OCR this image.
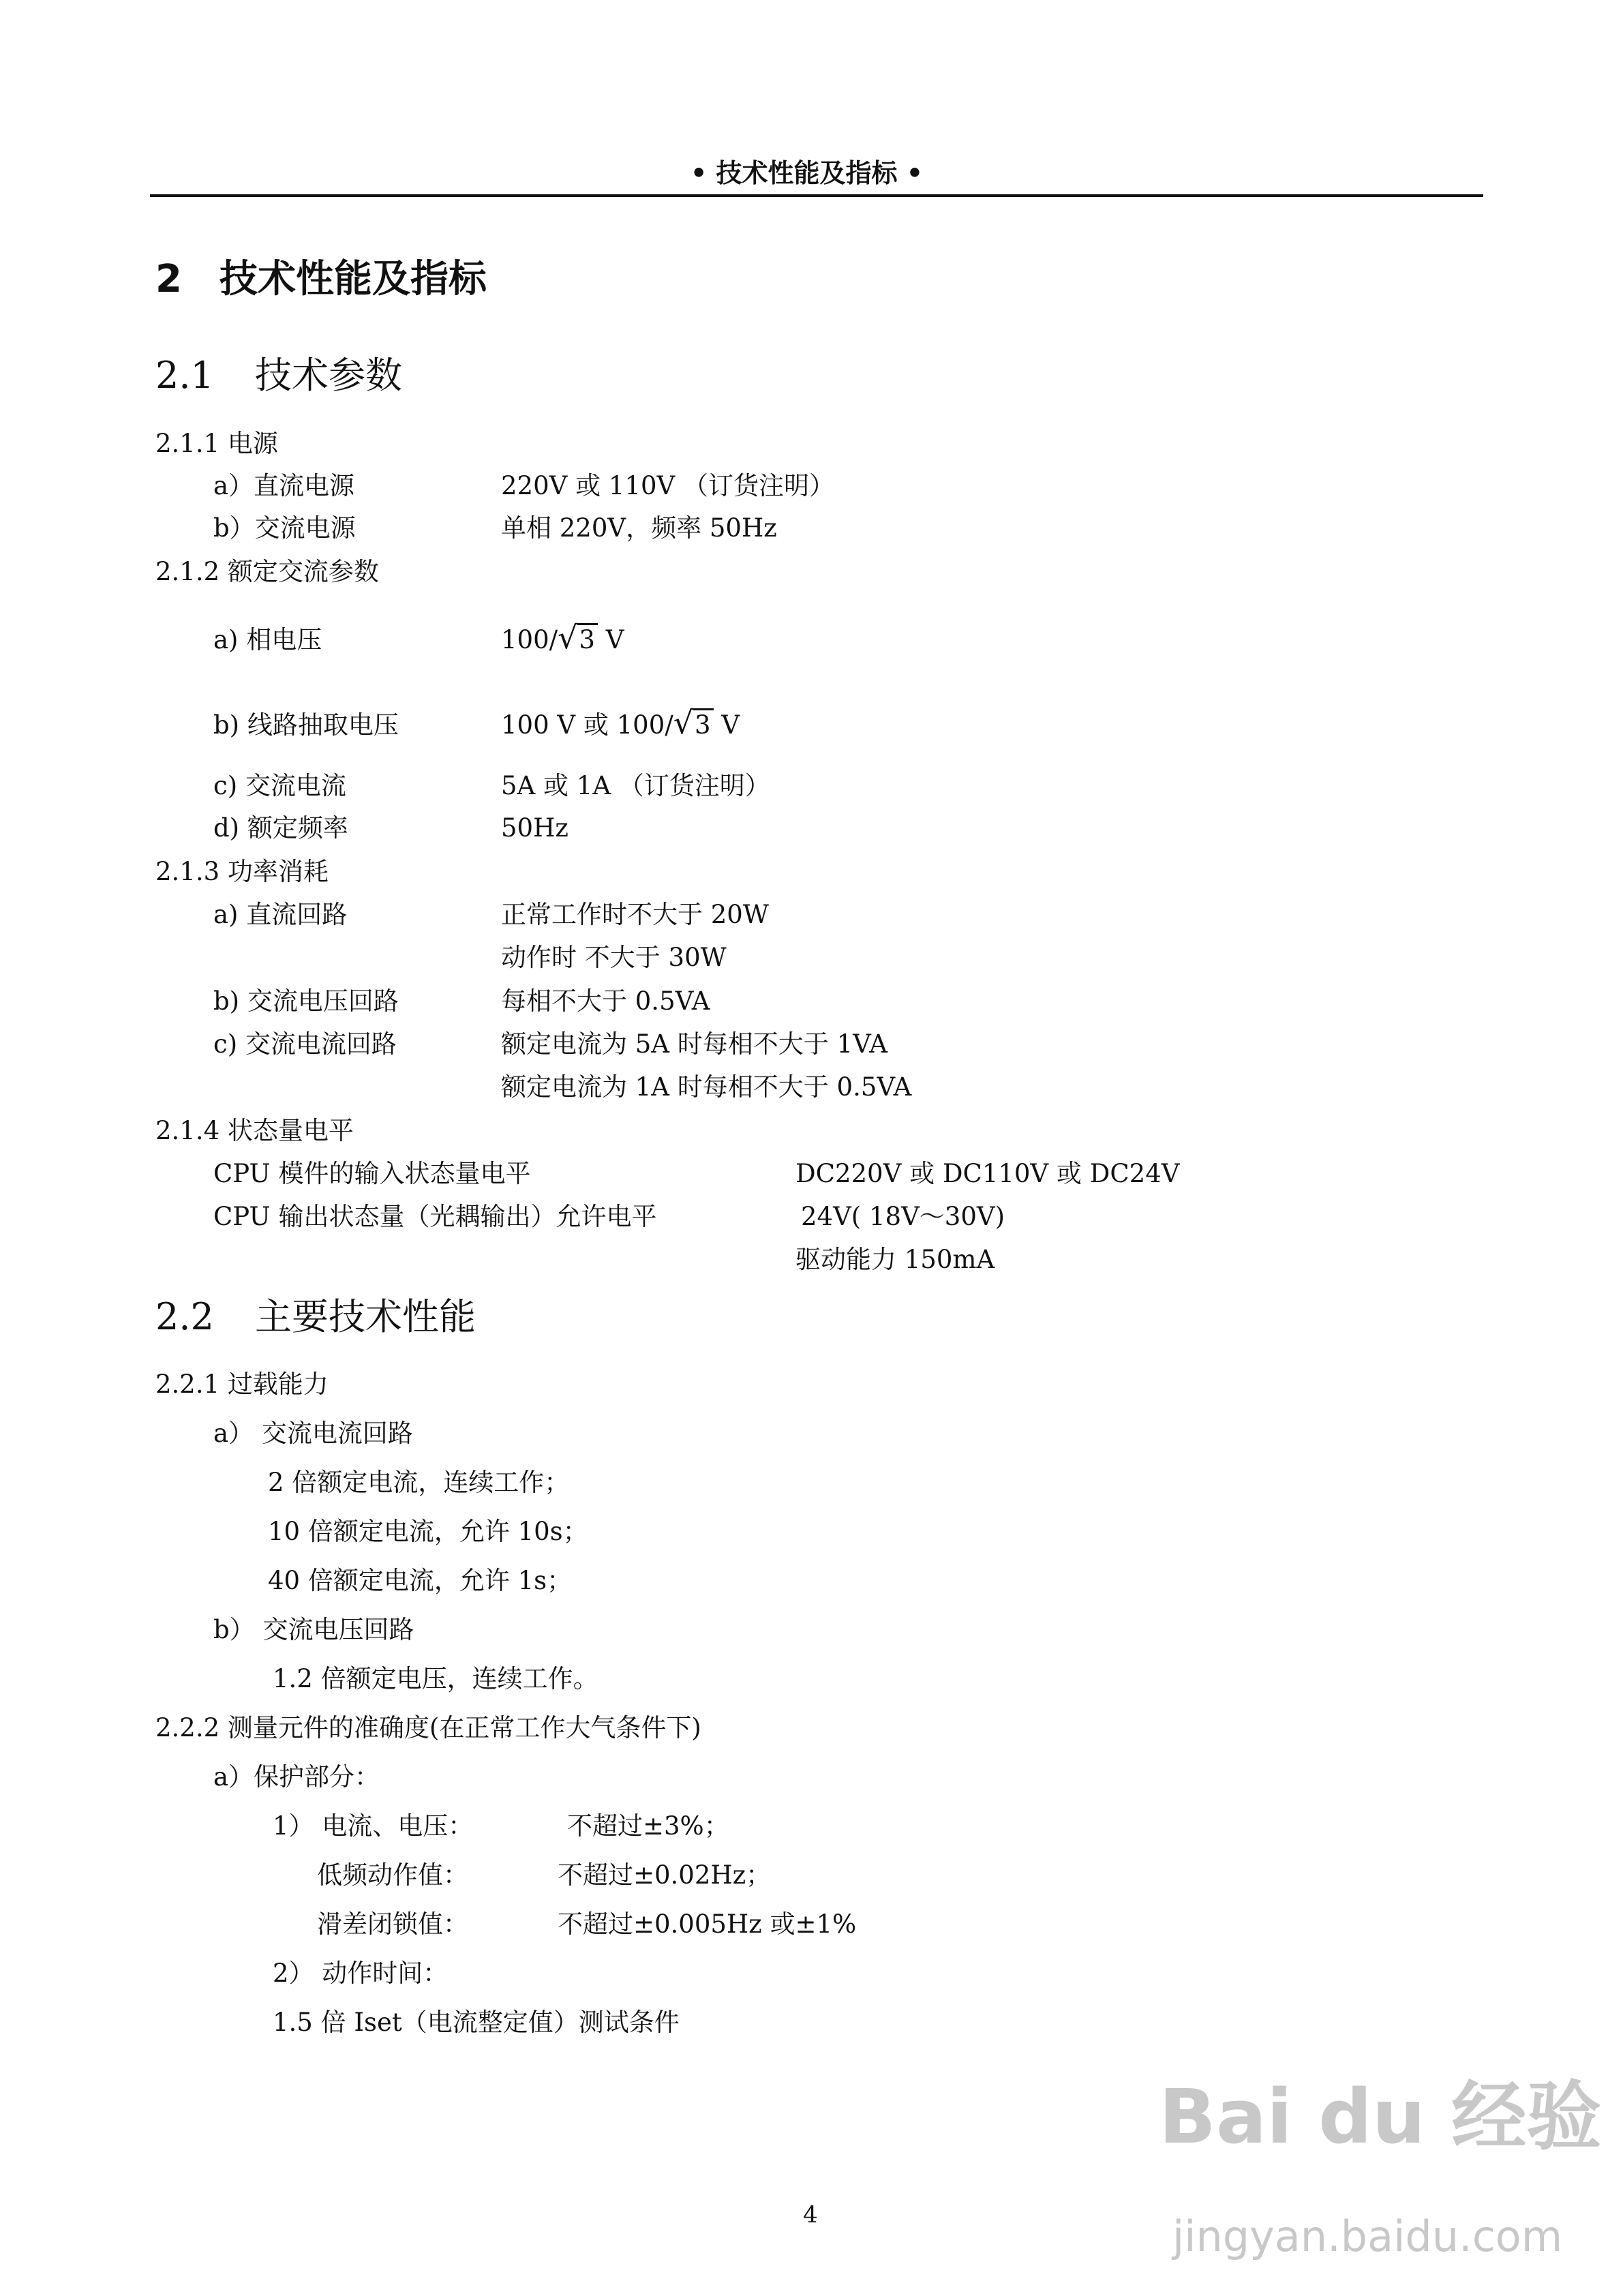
• 技术性能及指标 •
2 技术性能及指标
2.1 技术参数
2.1.1 电源
a）直流电源	220V 或 110V （订货注明）
b）交流电源	单相 220V，频率 50Hz
2.1.2 额定交流参数
a) 相电压	100/√3 V
b) 线路抽取电压	100 V 或 100/√3 V
c) 交流电流	5A 或 1A （订货注明）
d) 额定频率	50Hz
2.1.3 功率消耗
a) 直流回路	正常工作时不大于 20W
动作时 不大于 30W
b) 交流电压回路	每相不大于 0.5VA
c) 交流电流回路	额定电流为 5A 时每相不大于 1VA
额定电流为 1A 时每相不大于 0.5VA
2.1.4 状态量电平
CPU 模件的输入状态量电平	DC220V 或 DC110V 或 DC24V
CPU 输出状态量（光耦输出）允许电平	24V( 18V～30V)
驱动能力 150mA
2.2 主要技术性能
2.2.1 过载能力
a） 交流电流回路
2 倍额定电流，连续工作；
10 倍额定电流，允许 10s；
40 倍额定电流，允许 1s；
b） 交流电压回路
1.2 倍额定电压，连续工作。
2.2.2 测量元件的准确度(在正常工作大气条件下)
a）保护部分：
1） 电流、电压：	不超过±3%；
低频动作值：	不超过±0.02Hz；
滑差闭锁值：	不超过±0.005Hz 或±1%
2） 动作时间：
1.5 倍 Iset（电流整定值）测试条件
4
Bai du 经验
jingyan.baidu.com
